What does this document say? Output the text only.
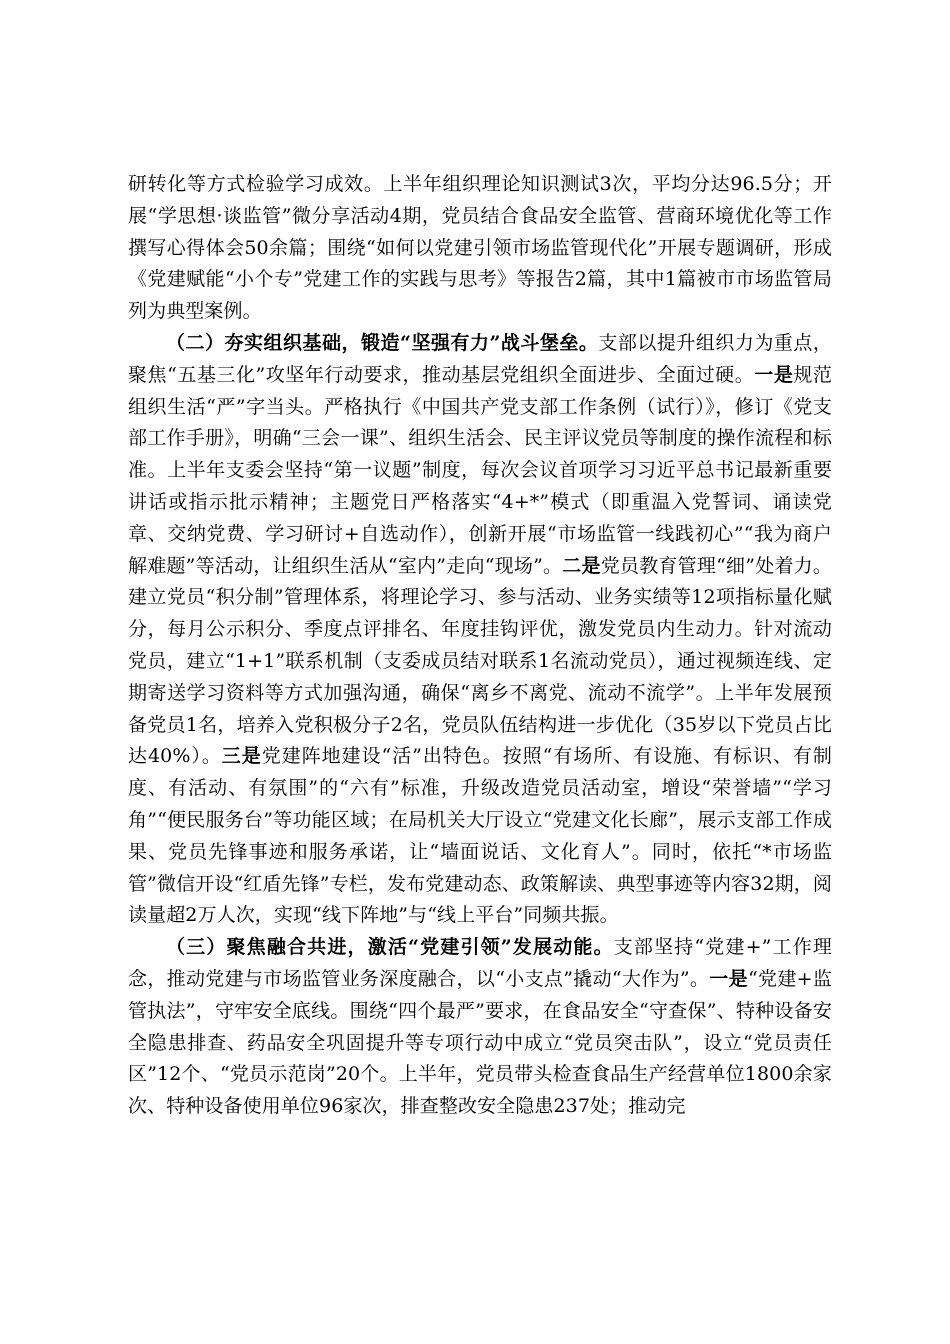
研转化等方式检验学习成效。上半年组织理论知识测试3次，平均分达96.5分；开展“学思想·谈监管”微分享活动4期，党员结合食品安全监管、营商环境优化等工作撰写心得体会50余篇；围绕“如何以党建引领市场监管现代化”开展专题调研，形成《党建赋能“小个专”党建工作的实践与思考》等报告2篇，其中1篇被市市场监管局列为典型案例。

（二）夯实组织基础，锻造“坚强有力”战斗堡垒。支部以提升组织力为重点，聚焦“五基三化”攻坚年行动要求，推动基层党组织全面进步、全面过硬。一是规范组织生活“严”字当头。严格执行《中国共产党支部工作条例（试行）》，修订《党支部工作手册》，明确“三会一课”、组织生活会、民主评议党员等制度的操作流程和标准。上半年支委会坚持“第一议题”制度，每次会议首项学习习近平总书记最新重要讲话或指示批示精神；主题党日严格落实“4+*”模式（即重温入党誓词、诵读党章、交纳党费、学习研讨+自选动作），创新开展“市场监管一线践初心”“我为商户解难题”等活动，让组织生活从“室内”走向“现场”。二是党员教育管理“细”处着力。建立党员“积分制”管理体系，将理论学习、参与活动、业务实绩等12项指标量化赋分，每月公示积分、季度点评排名、年度挂钩评优，激发党员内生动力。针对流动党员，建立“1+1”联系机制（支委成员结对联系1名流动党员），通过视频连线、定期寄送学习资料等方式加强沟通，确保“离乡不离党、流动不流学”。上半年发展预备党员1名，培养入党积极分子2名，党员队伍结构进一步优化（35岁以下党员占比达40%）。三是党建阵地建设“活”出特色。按照“有场所、有设施、有标识、有制度、有活动、有氛围”的“六有”标准，升级改造党员活动室，增设“荣誉墙”“学习角”“便民服务台”等功能区域；在局机关大厅设立“党建文化长廊”，展示支部工作成果、党员先锋事迹和服务承诺，让“墙面说话、文化育人”。同时，依托“*市场监管”微信开设“红盾先锋”专栏，发布党建动态、政策解读、典型事迹等内容32期，阅读量超2万人次，实现“线下阵地”与“线上平台”同频共振。

（三）聚焦融合共进，激活“党建引领”发展动能。支部坚持“党建+”工作理念，推动党建与市场监管业务深度融合，以“小支点”撬动“大作为”。一是“党建+监管执法”，守牢安全底线。围绕“四个最严”要求，在食品安全“守查保”、特种设备安全隐患排查、药品安全巩固提升等专项行动中成立“党员突击队”，设立“党员责任区”12个、“党员示范岗”20个。上半年，党员带头检查食品生产经营单位1800余家次、特种设备使用单位96家次，排查整改安全隐患237处；推动完
